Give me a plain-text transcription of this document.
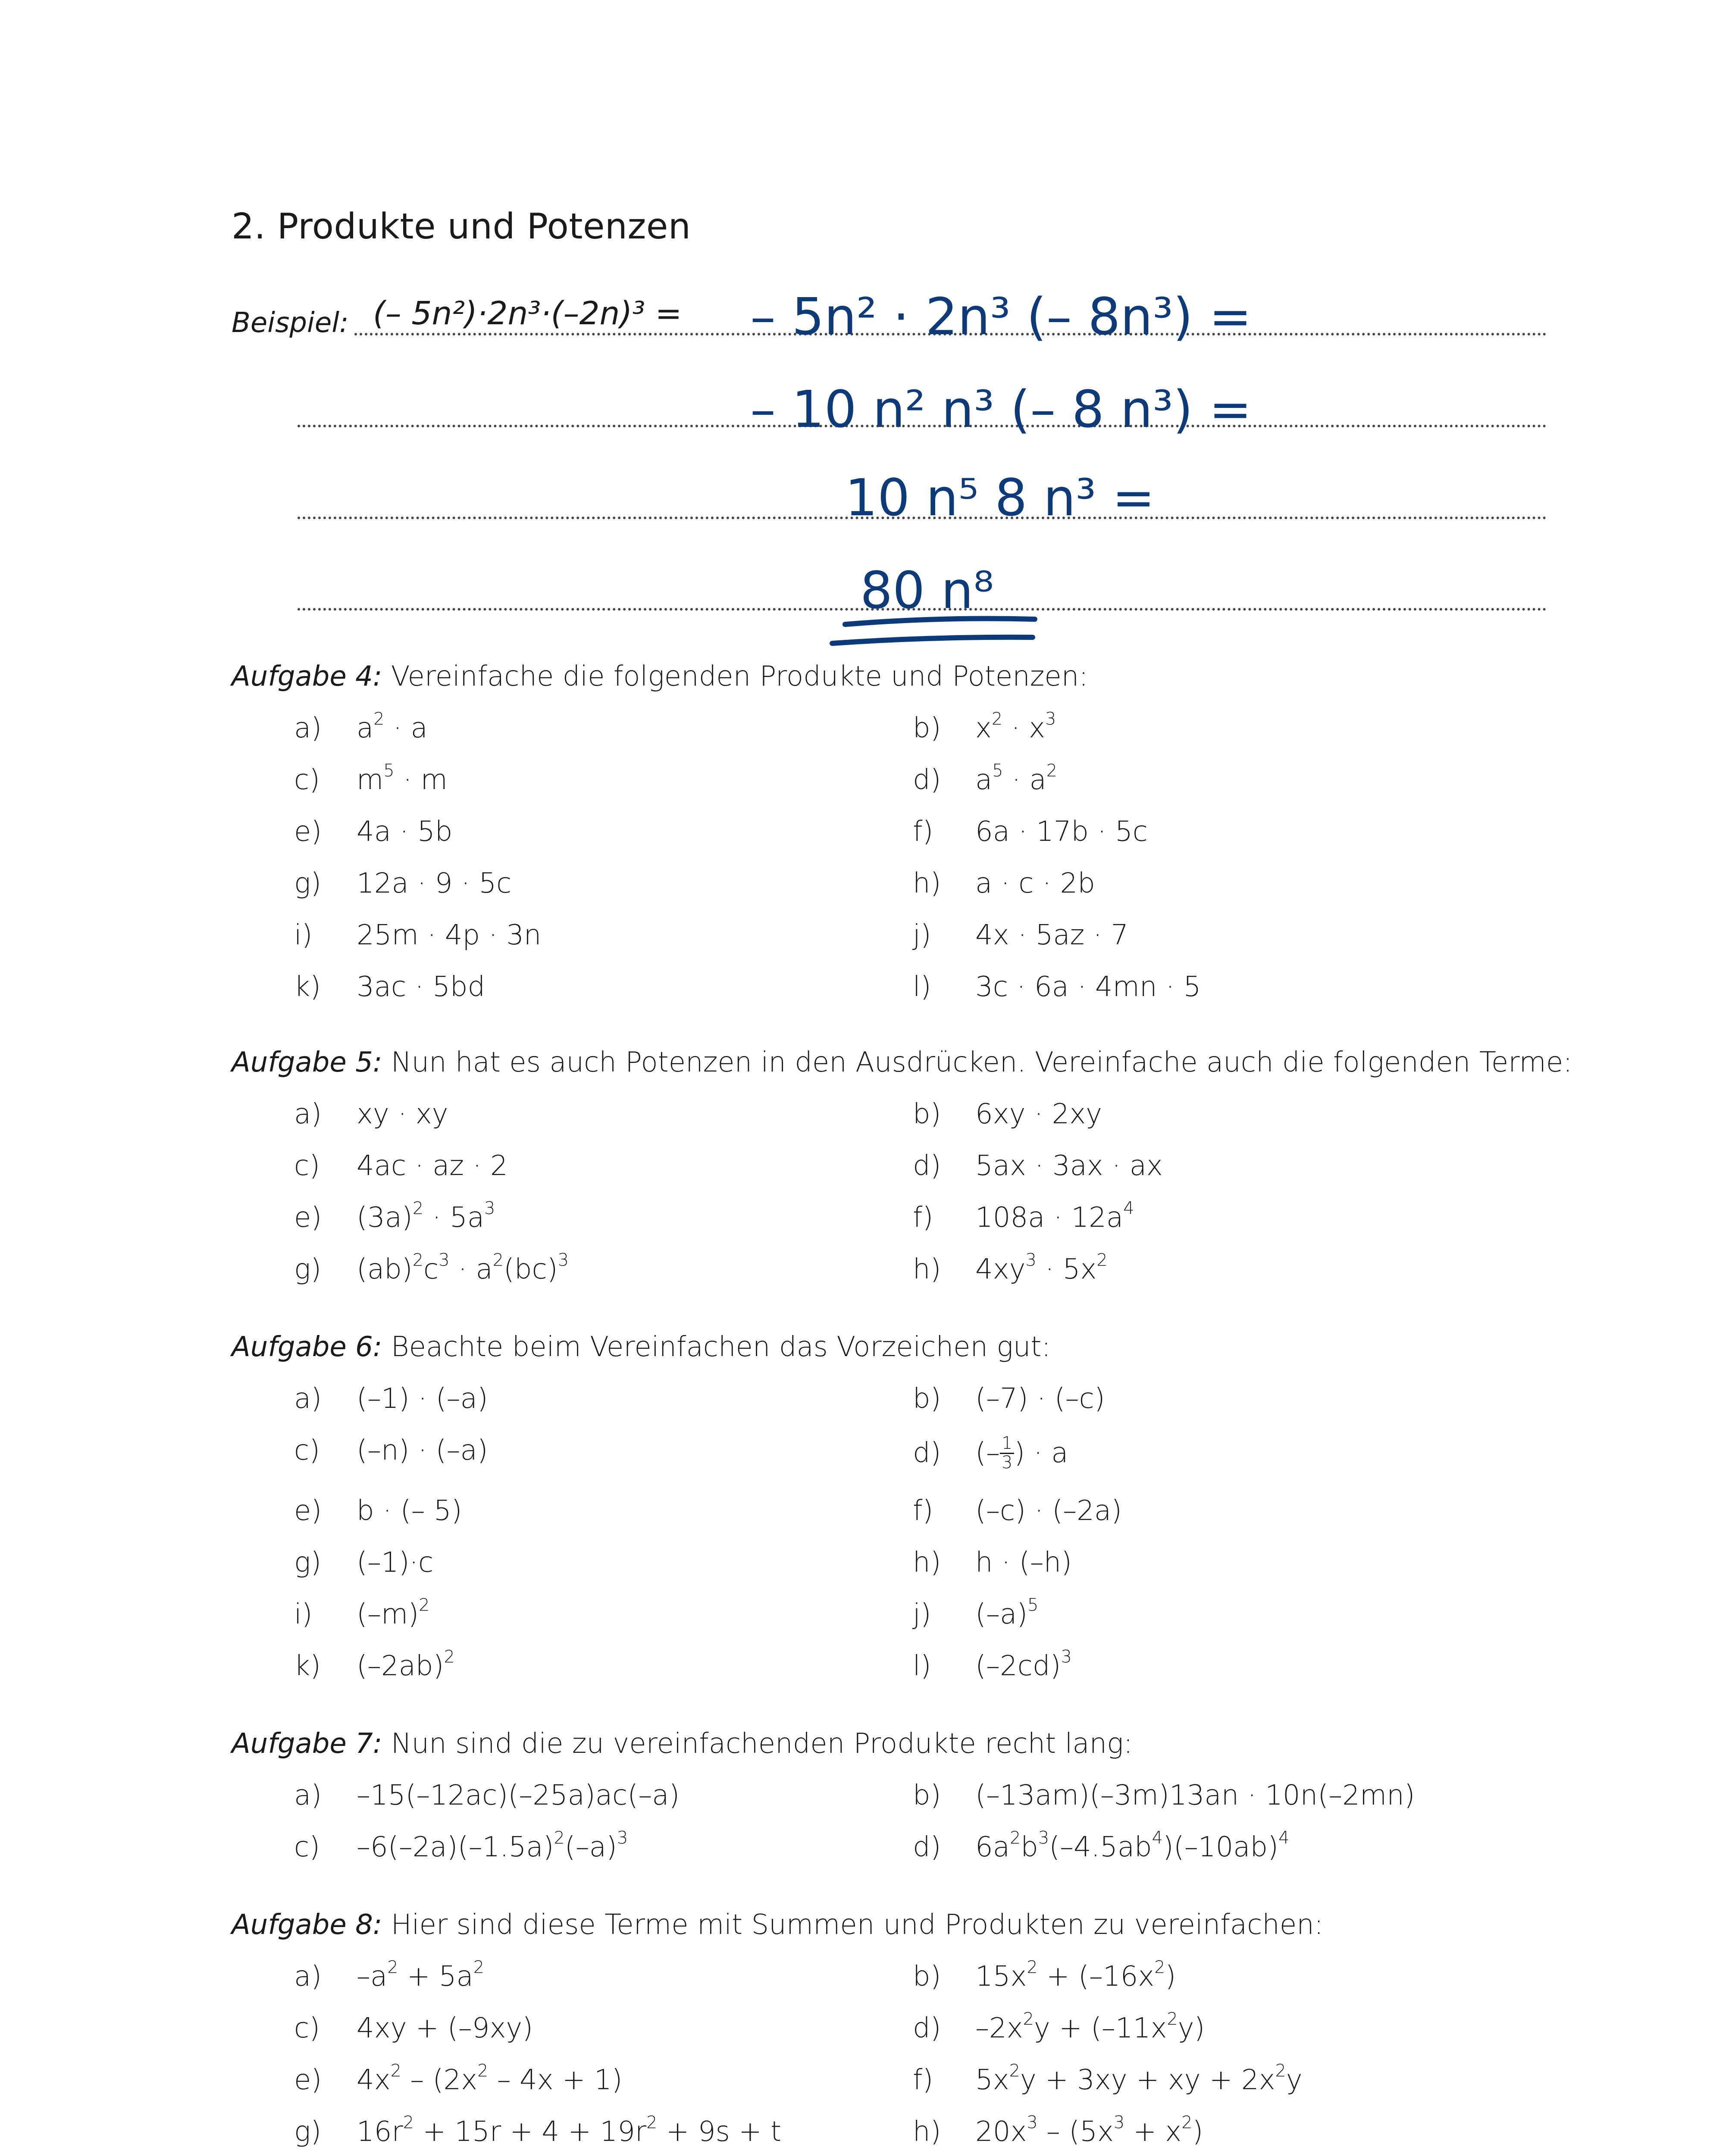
2. Produkte und Potenzen
Beispiel: (– 5n²)·2n³·(–2n)³ = – 5n² · 2n³ (– 8n³) =
– 10 n² n³ (– 8 n³) =
10 n⁵ 8 n³ =
80 n⁸
Aufgabe 4: Vereinfache die folgenden Produkte und Potenzen:
Aufgabe 5: Nun hat es auch Potenzen in den Ausdrücken. Vereinfache auch die folgenden Terme:
Aufgabe 6: Beachte beim Vereinfachen das Vorzeichen gut:
Aufgabe 7: Nun sind die zu vereinfachenden Produkte recht lang:
Aufgabe 8: Hier sind diese Terme mit Summen und Produkten zu vereinfachen:
a) $a^2 \cdot a$	b) $x^2 \cdot x^3$
c) $m^5 \cdot m$	d) $a^5 \cdot a^2$
e) 4a · 5b	f) 6a · 17b · 5c
g) 12a · 9 · 5c	h) a · c · 2b
i) 25m · 4p · 3n	j) 4x · 5az · 7
k) 3ac · 5bd	l) 3c · 6a · 4mn · 5
a) xy · xy	b) 6xy · 2xy
c) 4ac · az · 2	d) 5ax · 3ax · ax
e) $(3a)^2 \cdot 5a^3$	f) $108a \cdot 12a^4$
g) $(ab)^2c^3 \cdot a^2(bc)^3$	h) $4xy^3 \cdot 5x^2$
a) (–1) · (–a)	b) (–7) · (–c)
c) (–n) · (–a)	d) (– $\frac{1}{3}$ ) · a
e) b · (– 5)	f) (–c) · (–2a)
g) (–1)·c	h) h · (–h)
i) $(-m)^2$	j) $(-a)^5$
k) $(-2ab)^2$	l) $(-2cd)^3$
a) –15(–12ac)(–25a)ac(–a)	b) (–13am)(–3m)13an · 10n(–2mn)
c) $-6(-2a)(-1.5a)^2(-a)^3$	d) $6a^2b^3(-4.5ab^4)(-10ab)^4$
a) $-a^2 + 5a^2$	b) $15x^2 + (-16x^2)$
c) 4xy + (–9xy)	d) $-2x^2y + (-11x^2y)$
e) $4x^2 - (2x^2 - 4x + 1)$	f) $5x^2y + 3xy$ + xy + $2x^2y$
g) $16r^2 + 15r + 4 + 19r^2 + 9s + t$	h) $20x^3 - (5x^3 + x^2)$
